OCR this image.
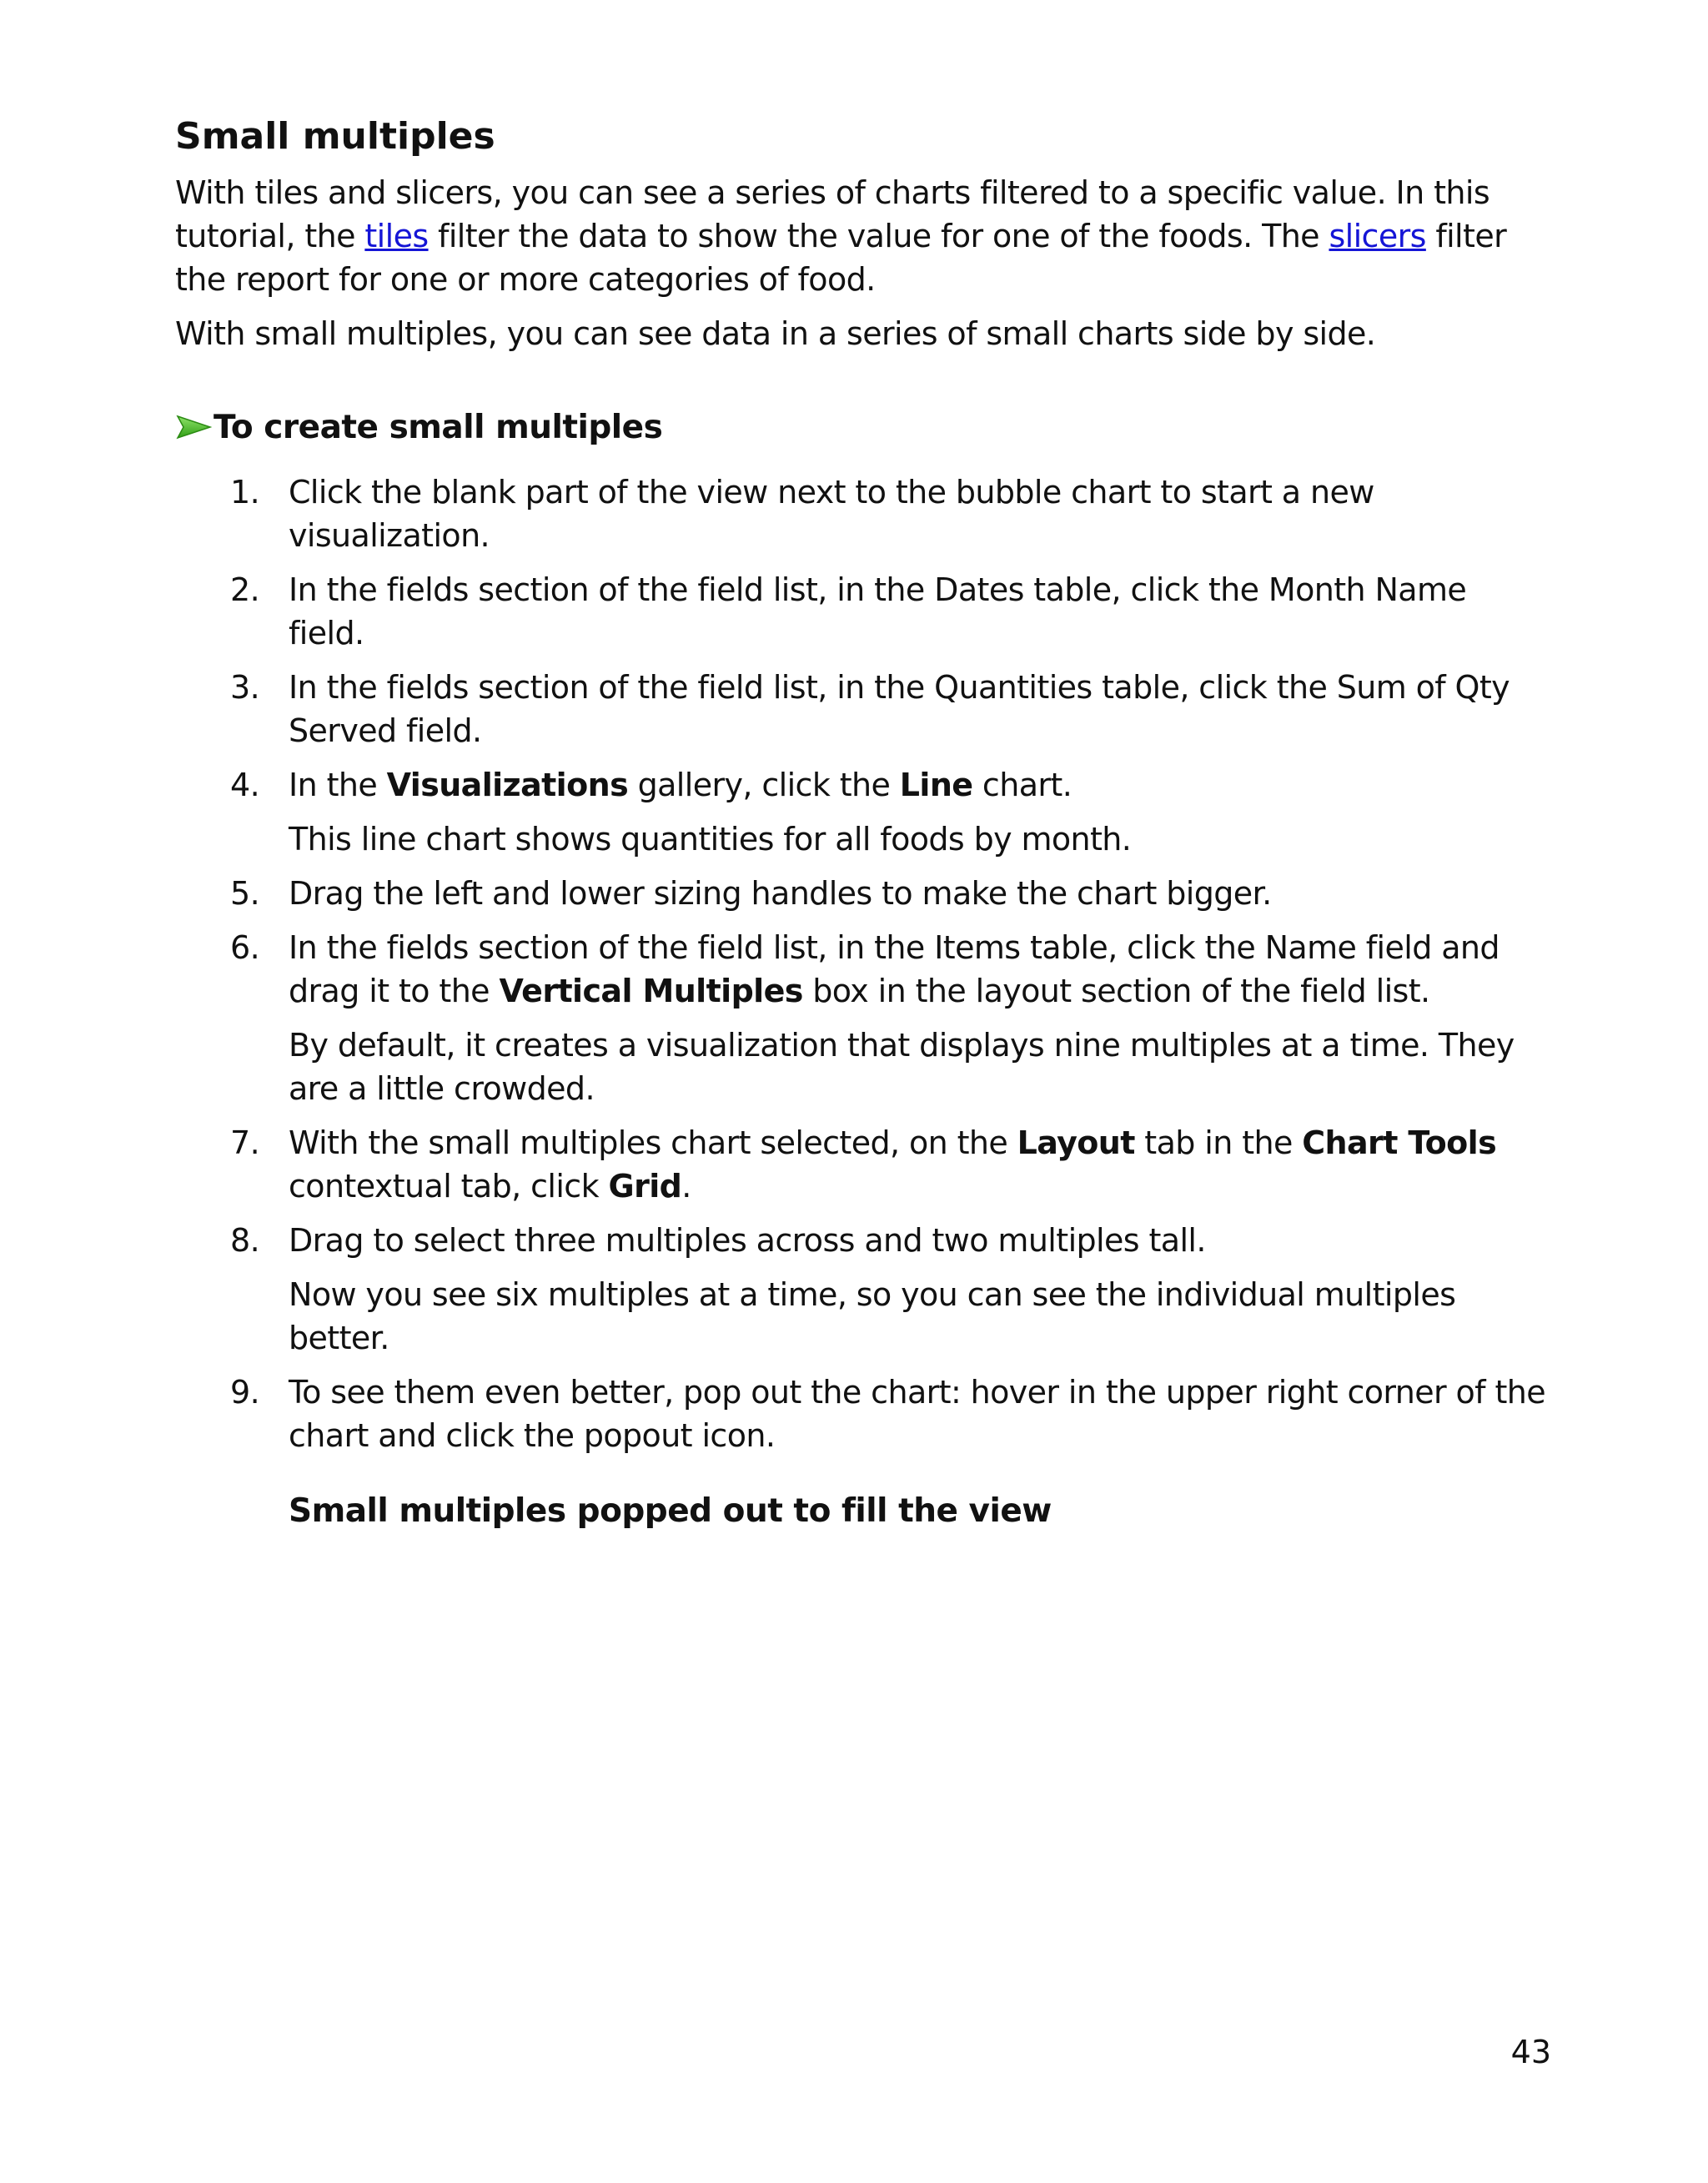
Small multiples

With tiles and slicers, you can see a series of charts filtered to a specific value. In this tutorial, the tiles filter the data to show the value for one of the foods. The slicers filter the report for one or more categories of food.

With small multiples, you can see data in a series of small charts side by side.

To create small multiples
1. Click the blank part of the view next to the bubble chart to start a new visualization.
2. In the fields section of the field list, in the Dates table, click the Month Name field.
3. In the fields section of the field list, in the Quantities table, click the Sum of Qty Served field.
4. In the Visualizations gallery, click the Line chart.
This line chart shows quantities for all foods by month.
5. Drag the left and lower sizing handles to make the chart bigger.
6. In the fields section of the field list, in the Items table, click the Name field and drag it to the Vertical Multiples box in the layout section of the field list.
By default, it creates a visualization that displays nine multiples at a time. They are a little crowded.
7. With the small multiples chart selected, on the Layout tab in the Chart Tools contextual tab, click Grid.
8. Drag to select three multiples across and two multiples tall.
Now you see six multiples at a time, so you can see the individual multiples better.
9. To see them even better, pop out the chart: hover in the upper right corner of the chart and click the popout icon.
Small multiples popped out to fill the view
43
